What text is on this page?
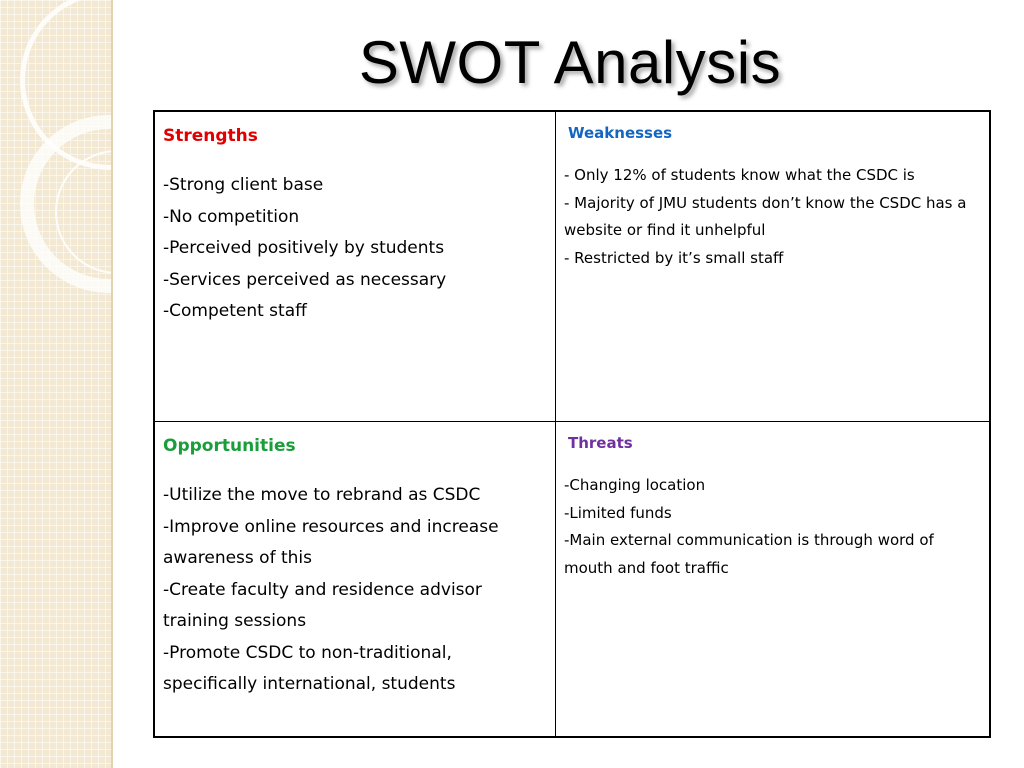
SWOT Analysis

Strengths

-Strong client base
-No competition
-Perceived positively by students
-Services perceived as necessary
-Competent staff

Weaknesses

- Only 12% of students know what the CSDC is
- Majority of JMU students don’t know the CSDC has a website or find it unhelpful
- Restricted by it’s small staff

Opportunities

-Utilize the move to rebrand as CSDC
-Improve online resources and increase awareness of this
-Create faculty and residence advisor training sessions
-Promote CSDC to non-traditional, specifically international, students

Threats

-Changing location
-Limited funds
-Main external communication is through word of mouth and foot traffic
